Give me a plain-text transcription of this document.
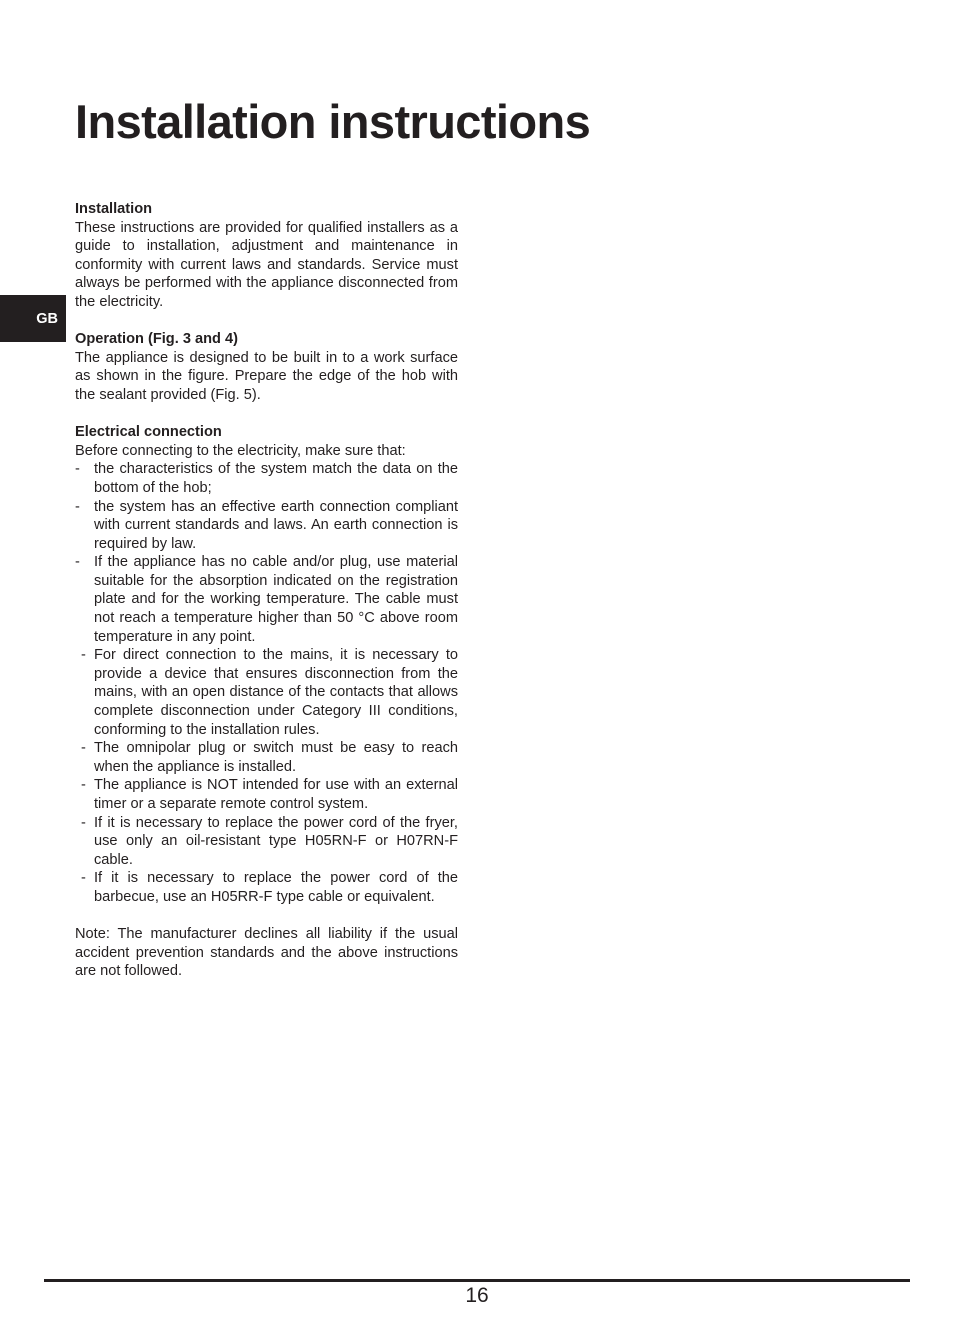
Installation instructions
GB

Installation

These instructions are provided for qualified installers as a guide to installation, adjustment and maintenance in conformity with current laws and standards. Service must always be performed with the appliance disconnected from the electricity.

Operation (Fig. 3 and 4)

The appliance is designed to be built in to a work surface as shown in the figure. Prepare the edge of the hob with the sealant provided (Fig. 5).

Electrical connection

Before connecting to the electricity, make sure that:

- the characteristics of the system match the data on the bottom of the hob;
- the system has an effective earth connection compliant with current standards and laws. An earth connection is required by law.
- If the appliance has no cable and/or plug, use material suitable for the absorption indicated on the registration plate and for the working temperature. The cable must not reach a temperature higher than 50 °C above room temperature in any point.
- For direct connection to the mains, it is necessary to provide a device that ensures disconnection from the mains, with an open distance of the contacts that allows complete disconnection under Category III conditions, conforming to the installation rules.
- The omnipolar plug or switch must be easy to reach when the appliance is installed.
- The appliance is NOT intended for use with an external timer or a separate remote control system.
- If it is necessary to replace the power cord of the fryer, use only an oil-resistant type H05RN-F or H07RN-F cable.
- If it is necessary to replace the power cord of the barbecue, use an H05RR-F type cable or equivalent.

Note: The manufacturer declines all liability if the usual accident prevention standards and the above instructions are not followed.

16
